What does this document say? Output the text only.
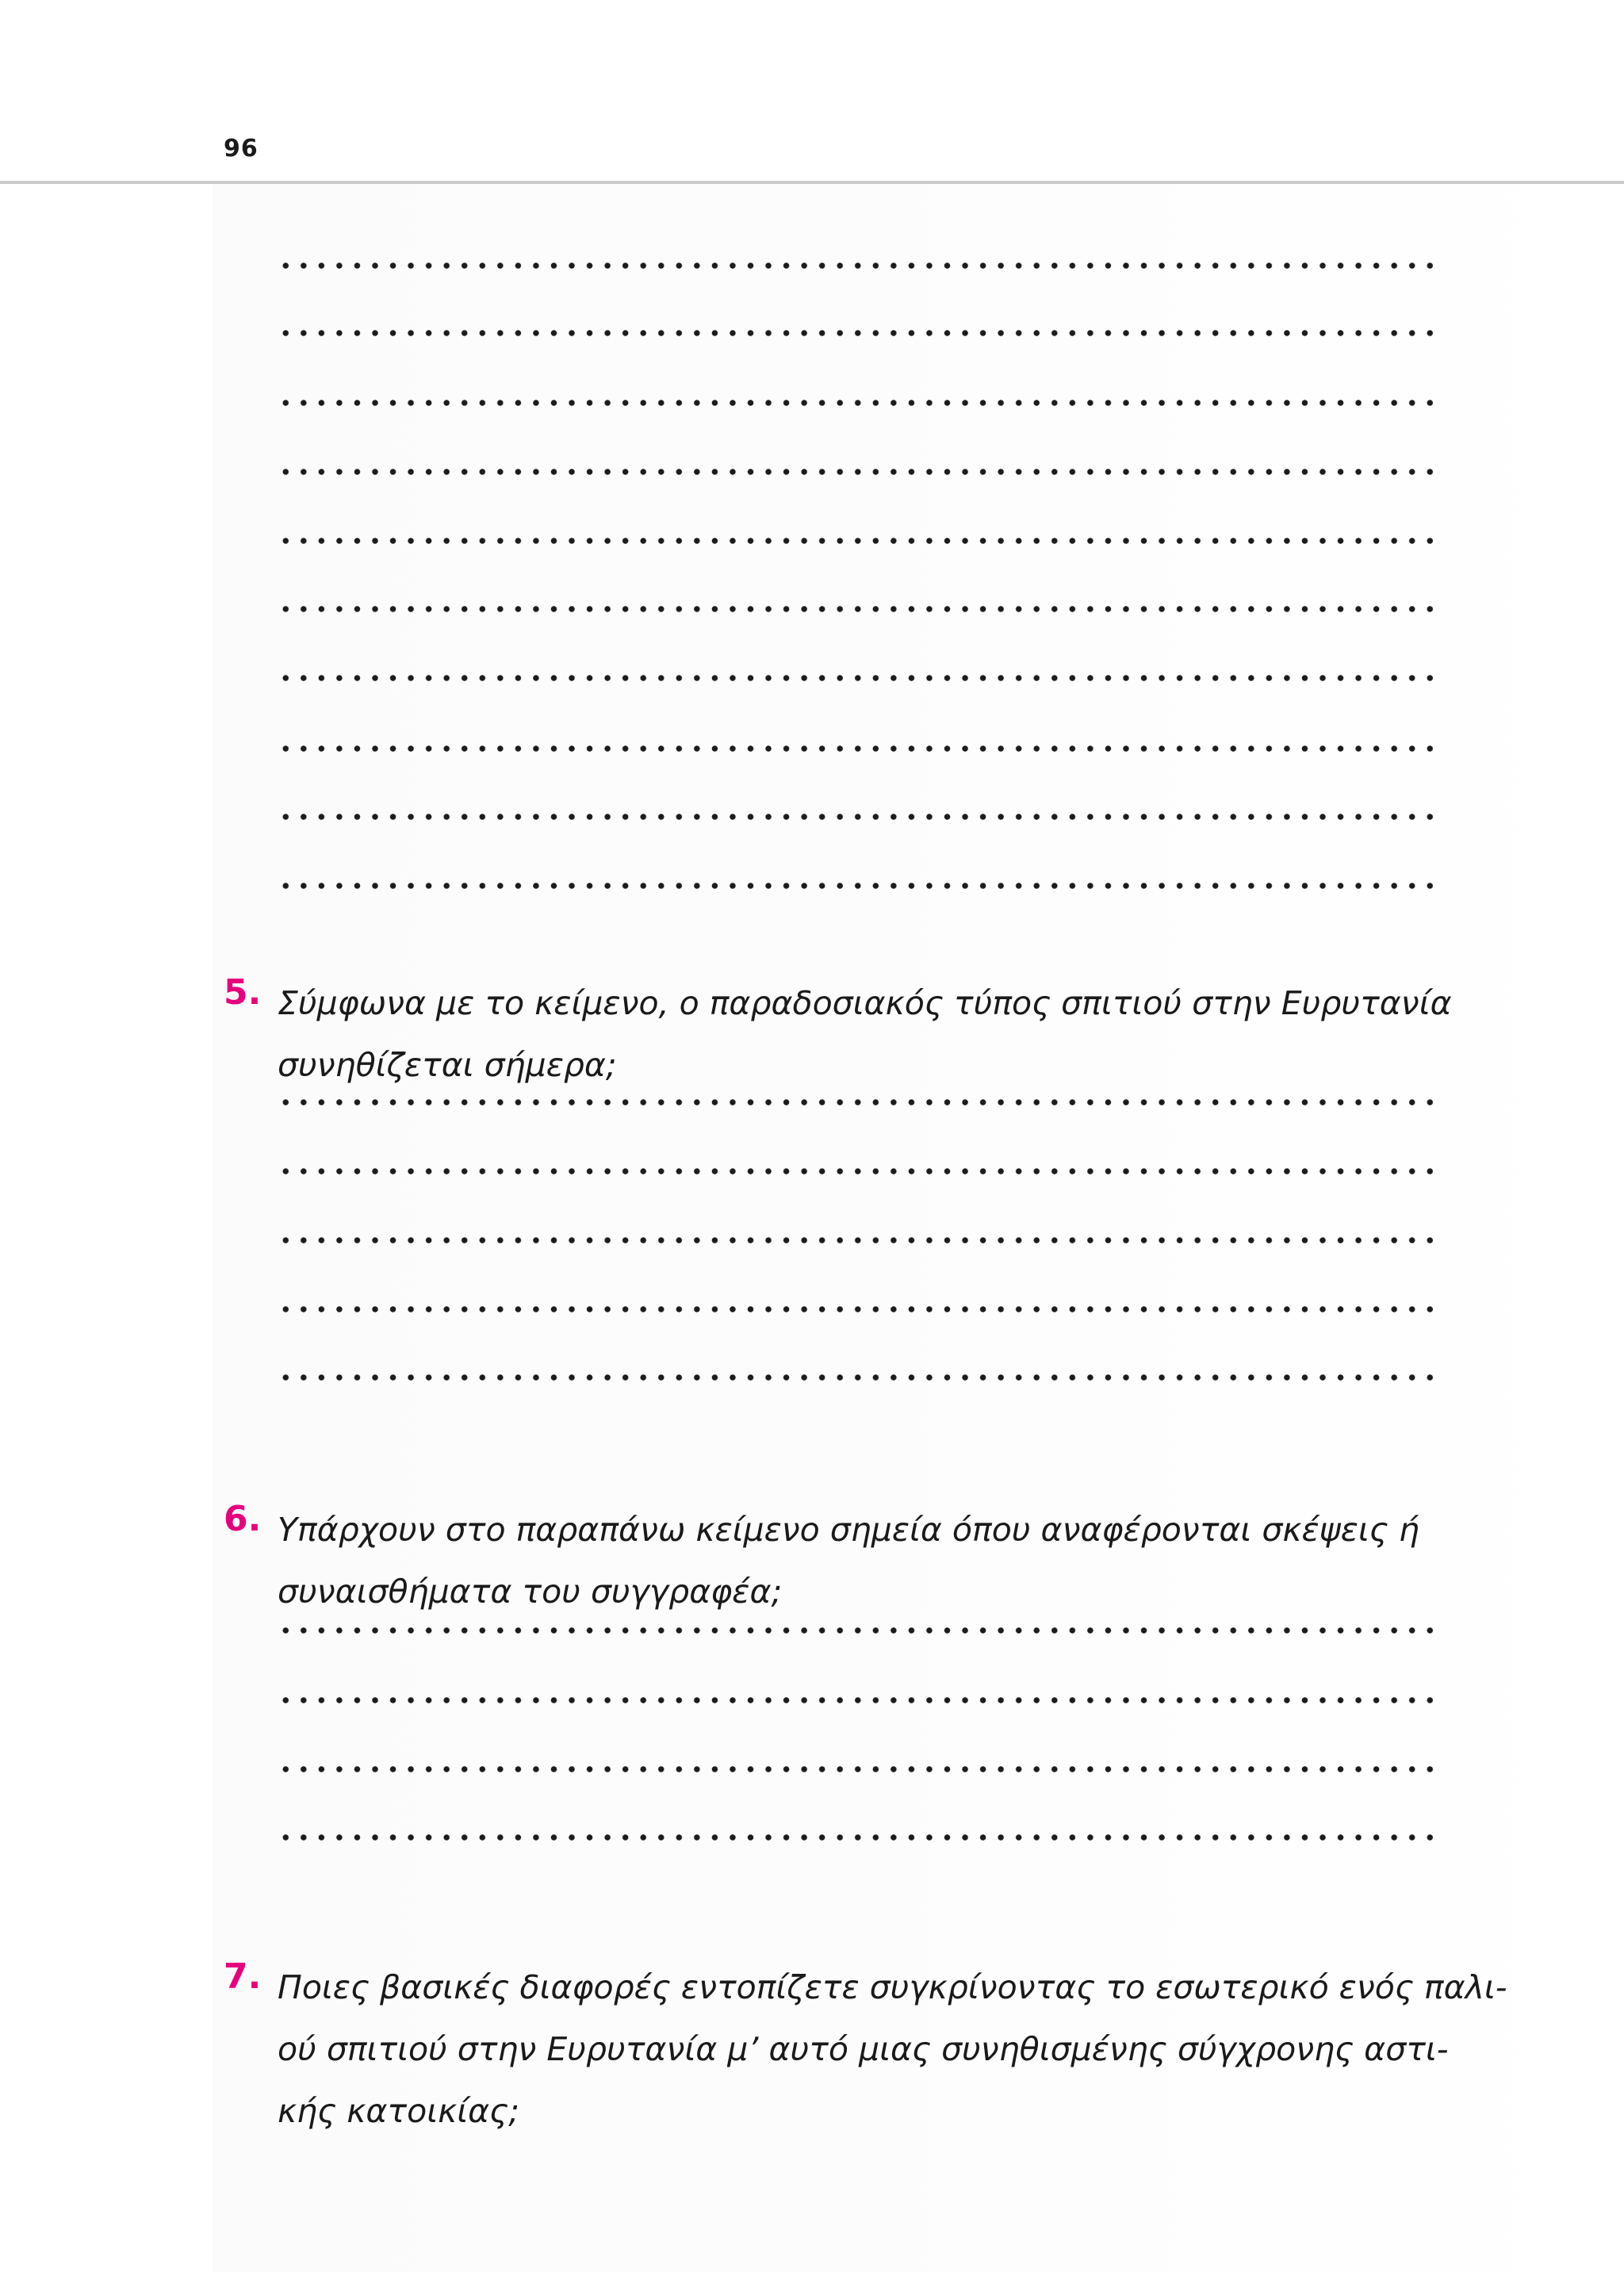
96
5. Σύμφωνα με το κείμενο, ο παραδοσιακός τύπος σπιτιού στην Ευρυτανία
συνηθίζεται σήμερα;

6. Υπάρχουν στο παραπάνω κείμενο σημεία όπου αναφέρονται σκέψεις ή
συναισθήματα του συγγραφέα;

7. Ποιες βασικές διαφορές εντοπίζετε συγκρίνοντας το εσωτερικό ενός παλι-
ού σπιτιού στην Ευρυτανία μ’ αυτό μιας συνηθισμένης σύγχρονης αστι-
κής κατοικίας;
